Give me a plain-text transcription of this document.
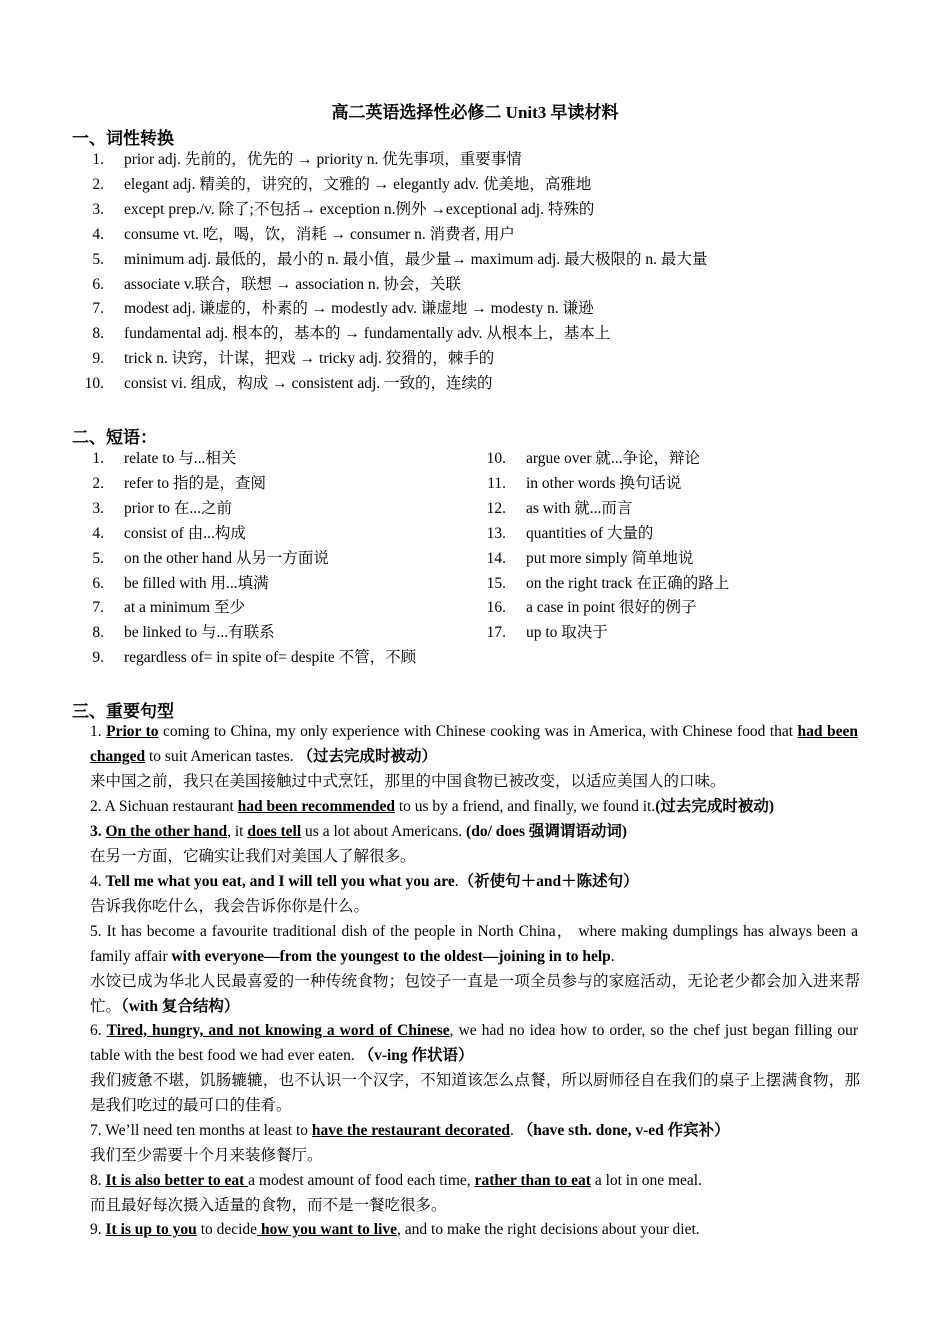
高二英语选择性必修二 Unit3 早读材料
一、词性转换
1. prior adj. 先前的，优先的 → priority n. 优先事项，重要事情
2. elegant adj. 精美的，讲究的，文雅的 → elegantly adv. 优美地，高雅地
3. except prep./v. 除了;不包括→ exception n.例外 →exceptional adj. 特殊的
4. consume vt. 吃，喝，饮，消耗 → consumer n. 消费者, 用户
5. minimum adj. 最低的，最小的 n. 最小值，最少量→ maximum adj. 最大极限的 n. 最大量
6. associate v.联合，联想 → association n. 协会，关联
7. modest adj. 谦虚的，朴素的 → modestly adv. 谦虚地 → modesty n. 谦逊
8. fundamental adj. 根本的，基本的 → fundamentally adv. 从根本上，基本上
9. trick n. 诀窍，计谋，把戏 → tricky adj. 狡猾的，棘手的
10. consist vi. 组成，构成 → consistent adj. 一致的，连续的
二、短语：
1. relate to 与...相关
2. refer to 指的是，查阅
3. prior to 在...之前
4. consist of 由...构成
5. on the other hand 从另一方面说
6. be filled with 用...填满
7. at a minimum 至少
8. be linked to 与...有联系
9. regardless of= in spite of= despite 不管，不顾
10. argue over 就...争论，辩论
11. in other words 换句话说
12. as with 就...而言
13. quantities of 大量的
14. put more simply 简单地说
15. on the right track 在正确的路上
16. a case in point 很好的例子
17. up to 取决于
三、重要句型
1. Prior to coming to China, my only experience with Chinese cooking was in America, with Chinese food that had been changed to suit American tastes. （过去完成时被动）
来中国之前，我只在美国接触过中式烹饪，那里的中国食物已被改变，以适应美国人的口味。
2. A Sichuan restaurant had been recommended to us by a friend, and finally, we found it.(过去完成时被动)
3. On the other hand, it does tell us a lot about Americans. (do/ does 强调谓语动词)
在另一方面，它确实让我们对美国人了解很多。
4. Tell me what you eat, and I will tell you what you are.（祈使句＋and＋陈述句）
告诉我你吃什么，我会告诉你你是什么。
5. It has become a favourite traditional dish of the people in North China， where making dumplings has always been a family affair with everyone—from the youngest to the oldest—joining in to help.
水饺已成为华北人民最喜爱的一种传统食物；包饺子一直是一项全员参与的家庭活动，无论老少都会加入进来帮忙。（with 复合结构）
6. Tired, hungry, and not knowing a word of Chinese, we had no idea how to order, so the chef just began filling our table with the best food we had ever eaten. （v-ing 作状语）
我们疲惫不堪，饥肠辘辘，也不认识一个汉字，不知道该怎么点餐，所以厨师径自在我们的桌子上摆满食物，那是我们吃过的最可口的佳肴。
7. We’ll need ten months at least to have the restaurant decorated. （have sth. done, v-ed 作宾补）
我们至少需要十个月来装修餐厅。
8. It is also better to eat a modest amount of food each time, rather than to eat a lot in one meal.
而且最好每次摄入适量的食物，而不是一餐吃很多。
9. It is up to you to decide how you want to live, and to make the right decisions about your diet.
